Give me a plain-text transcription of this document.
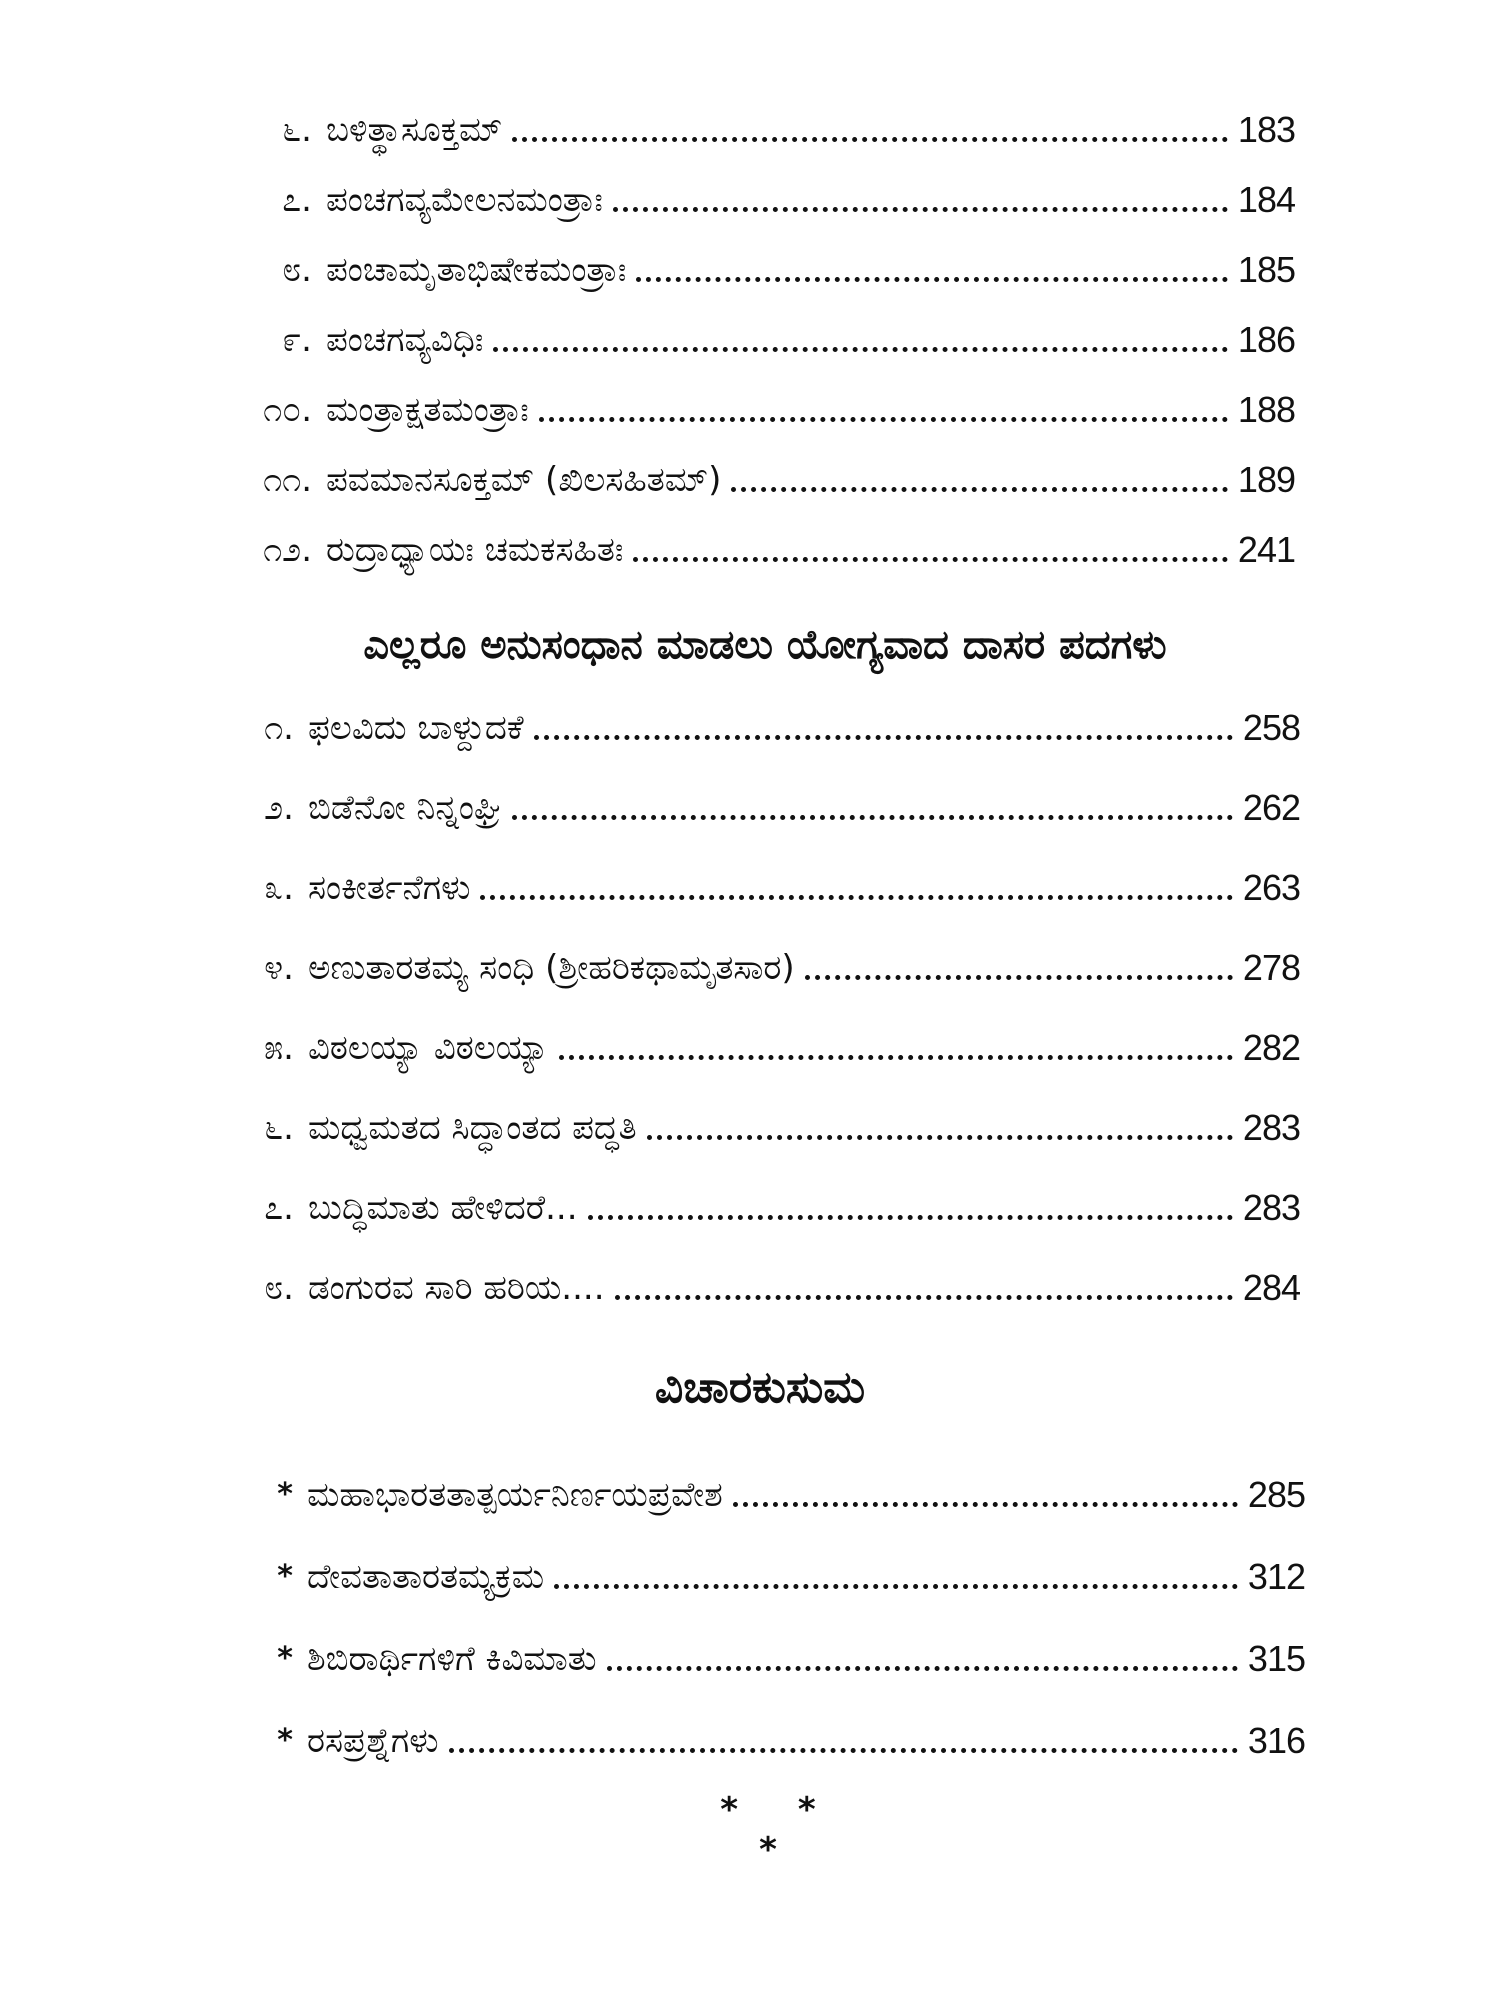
೬. ಬಳಿತ್ಥಾಸೂಕ್ತಮ್	183
೭. ಪಂಚಗವ್ಯಮೇಲನಮಂತ್ರಾಃ	184
೮. ಪಂಚಾಮೃತಾಭಿಷೇಕಮಂತ್ರಾಃ	185
೯. ಪಂಚಗವ್ಯವಿಧಿಃ	186
೧೦. ಮಂತ್ರಾಕ್ಷತಮಂತ್ರಾಃ	188
೧೧. ಪವಮಾನಸೂಕ್ತಮ್ (ಖಿಲಸಹಿತಮ್)	189
೧೨. ರುದ್ರಾಧ್ಯಾಯಃ ಚಮಕಸಹಿತಃ	241
ಎಲ್ಲರೂ ಅನುಸಂಧಾನ ಮಾಡಲು ಯೋಗ್ಯವಾದ ದಾಸರ ಪದಗಳು
೧. ಫಲವಿದು ಬಾಳ್ದುದಕೆ	258
೨. ಬಿಡೆನೋ ನಿನ್ನಂಘ್ರಿ	262
೩. ಸಂಕೀರ್ತನೆಗಳು	263
೪. ಅಣುತಾರತಮ್ಯ ಸಂಧಿ (ಶ್ರೀಹರಿಕಥಾಮೃತಸಾರ)	278
೫. ವಿಠಲಯ್ಯಾ ವಿಠಲಯ್ಯಾ	282
೬. ಮಧ್ವಮತದ ಸಿದ್ಧಾಂತದ ಪದ್ಧತಿ	283
೭. ಬುದ್ಧಿಮಾತು ಹೇಳಿದರೆ...	283
೮. ಡಂಗುರವ ಸಾರಿ ಹರಿಯ....	284
ವಿಚಾರಕುಸುಮ
* ಮಹಾಭಾರತತಾತ್ಪರ್ಯನಿರ್ಣಯಪ್ರವೇಶ	285
* ದೇವತಾತಾರತಮ್ಯಕ್ರಮ	312
* ಶಿಬಿರಾರ್ಥಿಗಳಿಗೆ ಕಿವಿಮಾತು	315
* ರಸಪ್ರಶ್ನೆಗಳು	316
* * *
